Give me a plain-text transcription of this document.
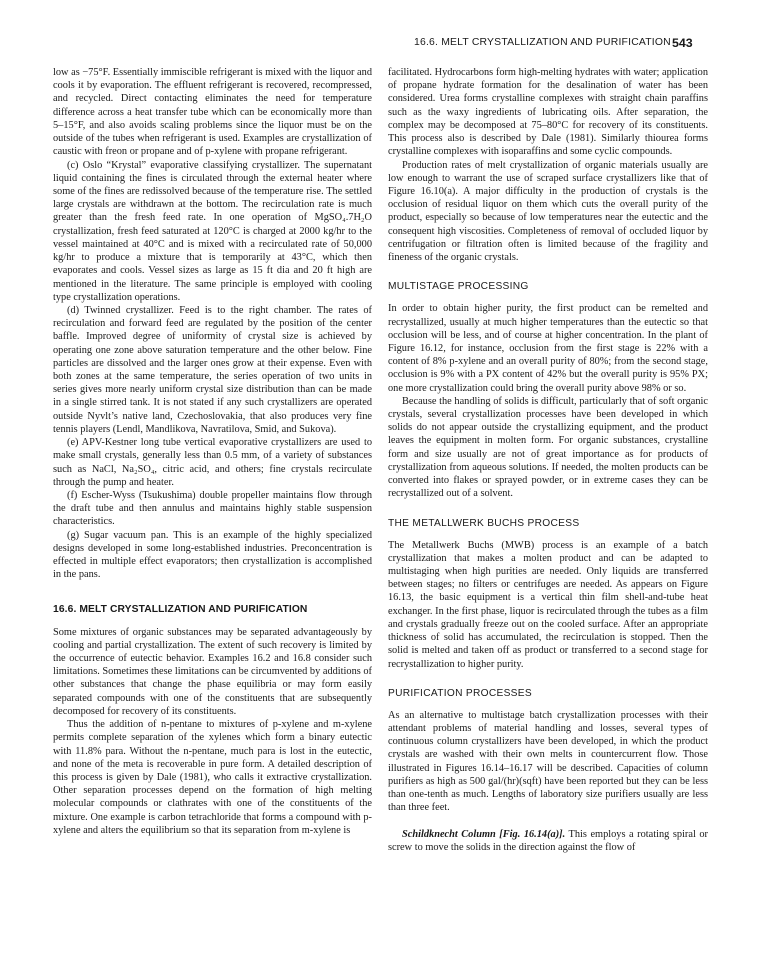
16.6. MELT CRYSTALLIZATION AND PURIFICATION 543

low as −75°F. Essentially immiscible refrigerant is mixed with the liquor and cools it by evaporation. The effluent refrigerant is recovered, recompressed, and recycled. Direct contacting eliminates the need for temperature difference across a heat transfer tube which can be economically more than 5–15°F, and also avoids scaling problems since the liquor must be on the outside of the tubes when refrigerant is used. Examples are crystallization of caustic with freon or propane and of p-xylene with propane refrigerant.

(c) Oslo “Krystal” evaporative classifying crystallizer. The supernatant liquid containing the fines is circulated through the external heater where some of the fines are redissolved because of the temperature rise. The settled large crystals are withdrawn at the bottom. The recirculation rate is much greater than the fresh feed rate. In one operation of MgSO₄.7H₂O crystallization, fresh feed saturated at 120°C is charged at 2000 kg/hr to the vessel maintained at 40°C and is mixed with a recirculated rate of 50,000 kg/hr to produce a mixture that is temporarily at 43°C, which then evaporates and cools. Vessel sizes as large as 15 ft dia and 20 ft high are mentioned in the literature. The same principle is employed with cooling type crystallization operations.

(d) Twinned crystallizer. Feed is to the right chamber. The rates of recirculation and forward feed are regulated by the position of the center baffle. Improved degree of uniformity of crystal size is achieved by operating one zone above saturation temperature and the other below. Fine particles are dissolved and the larger ones grow at their expense. Even with both zones at the same temperature, the series operation of two units in series gives more nearly uniform crystal size distribution than can be made in a single stirred tank. It is not stated if any such crystallizers are operated outside Nyvlt’s native land, Czechoslovakia, that also produces very fine tennis players (Lendl, Mandlikova, Navratilova, Smid, and Sukova).

(e) APV-Kestner long tube vertical evaporative crystallizers are used to make small crystals, generally less than 0.5 mm, of a variety of substances such as NaCl, Na₂SO₄, citric acid, and others; fine crystals recirculate through the pump and heater.

(f) Escher-Wyss (Tsukushima) double propeller maintains flow through the draft tube and then annulus and maintains highly stable suspension characteristics.

(g) Sugar vacuum pan. This is an example of the highly specialized designs developed in some long-established industries. Preconcentration is effected in multiple effect evaporators; then crystallization is accomplished in the pans.

16.6. MELT CRYSTALLIZATION AND PURIFICATION

Some mixtures of organic substances may be separated advantageously by cooling and partial crystallization. The extent of such recovery is limited by the occurrence of eutectic behavior. Examples 16.2 and 16.8 consider such limitations. Sometimes these limitations can be circumvented by additions of other substances that change the phase equilibria or may form easily separated compounds with one of the constituents that are subsequently decomposed for recovery of its constituents.

Thus the addition of n-pentane to mixtures of p-xylene and m-xylene permits complete separation of the xylenes which form a binary eutectic with 11.8% para. Without the n-pentane, much para is lost in the eutectic, and none of the meta is recoverable in pure form. A detailed description of this process is given by Dale (1981), who calls it extractive crystallization. Other separation processes depend on the formation of high melting molecular compounds or clathrates with one of the constituents of the mixture. One example is carbon tetrachloride that forms a compound with p-xylene and alters the equilibrium so that its separation from m-xylene is

facilitated. Hydrocarbons form high-melting hydrates with water; application of propane hydrate formation for the desalination of water has been considered. Urea forms crystalline complexes with straight chain paraffins such as the waxy ingredients of lubricating oils. After separation, the complex may be decomposed at 75–80°C for recovery of its constituents. This process also is described by Dale (1981). Similarly thiourea forms crystalline complexes with isoparaffins and some cyclic compounds.

Production rates of melt crystallization of organic materials usually are low enough to warrant the use of scraped surface crystallizers like that of Figure 16.10(a). A major difficulty in the production of crystals is the occlusion of residual liquor on them which cuts the overall purity of the product, especially so because of low temperatures near the eutectic and the consequent high viscosities. Completeness of removal of occluded liquor by centrifugation or filtration often is limited because of the fragility and fineness of the organic crystals.

MULTISTAGE PROCESSING

In order to obtain higher purity, the first product can be remelted and recrystallized, usually at much higher temperatures than the eutectic so that occlusion will be less, and of course at higher concentration. In the plant of Figure 16.12, for instance, occlusion from the first stage is 22% with a content of 8% p-xylene and an overall purity of 80%; from the second stage, occlusion is 9% with a PX content of 42% but the overall purity is 95% PX; one more crystallization could bring the overall purity above 98% or so.

Because the handling of solids is difficult, particularly that of soft organic crystals, several crystallization processes have been developed in which solids do not appear outside the crystallizing equipment, and the product leaves the equipment in molten form. For organic substances, crystalline form and size usually are not of great importance as for products of crystallization from aqueous solutions. If needed, the molten products can be converted into flakes or sprayed powder, or in extreme cases they can be recrystallized out of a solvent.

THE METALLWERK BUCHS PROCESS

The Metallwerk Buchs (MWB) process is an example of a batch crystallization that makes a molten product and can be adapted to multistaging when high purities are needed. Only liquids are transferred between stages; no filters or centrifuges are needed. As appears on Figure 16.13, the basic equipment is a vertical thin film shell-and-tube heat exchanger. In the first phase, liquor is recirculated through the tubes as a film and crystals gradually freeze out on the cooled surface. After an appropriate thickness of solid has accumulated, the recirculation is stopped. Then the solid is melted and taken off as product or transferred to a second stage for recrystallization to higher purity.

PURIFICATION PROCESSES

As an alternative to multistage batch crystallization processes with their attendant problems of material handling and losses, several types of continuous column crystallizers have been developed, in which the product crystals are washed with their own melts in countercurrent flow. Those illustrated in Figures 16.14–16.17 will be described. Capacities of column purifiers as high as 500 gal/(hr)(sqft) have been reported but they can be less than one-tenth as much. Lengths of laboratory size purifiers usually are less than three feet.

Schildknecht Column [Fig. 16.14(a)]. This employs a rotating spiral or screw to move the solids in the direction against the flow of
